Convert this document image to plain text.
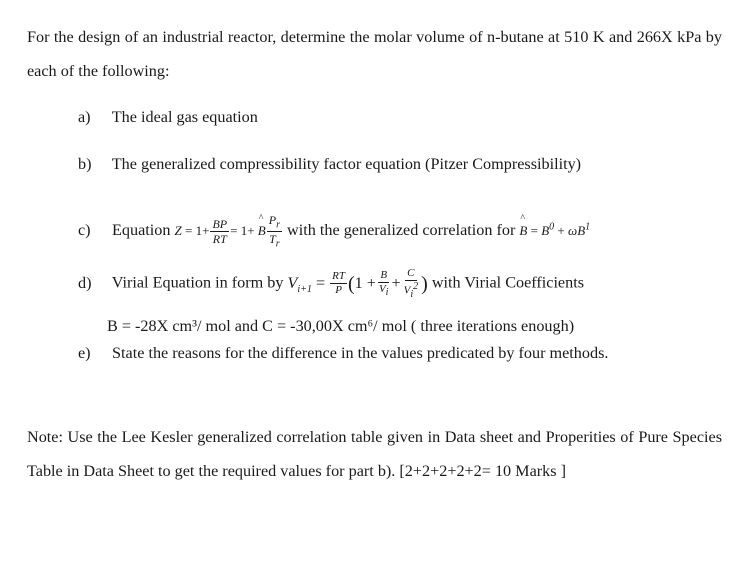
For the design of an industrial reactor, determine the molar volume of n-butane at 510 K and 266X kPa by each of the following:
a) The ideal gas equation
b) The generalized compressibility factor equation (Pitzer Compressibility)
c) Equation $Z = 1+ \frac{BP}{RT} = 1+$ ^ B $\frac{P_r}{T_r}$ with the generalized correlation for ^ $B = B^0 + \omega B^1$
d) Virial Equation in form by $V_{i+1} = \frac{RT}{P} (1 + \frac{B}{V_i} + \frac{C}{V_i^2}$ ) with Virial Coefficients
B = -28X cm³/ mol and C = -30,00X cm⁶/ mol ( three iterations enough)
e) State the reasons for the difference in the values predicated by four methods.
Note: Use the Lee Kesler generalized correlation table given in Data sheet and Properities of Pure Species Table in Data Sheet to get the required values for part b). [2+2+2+2+2= 10 Marks ]
